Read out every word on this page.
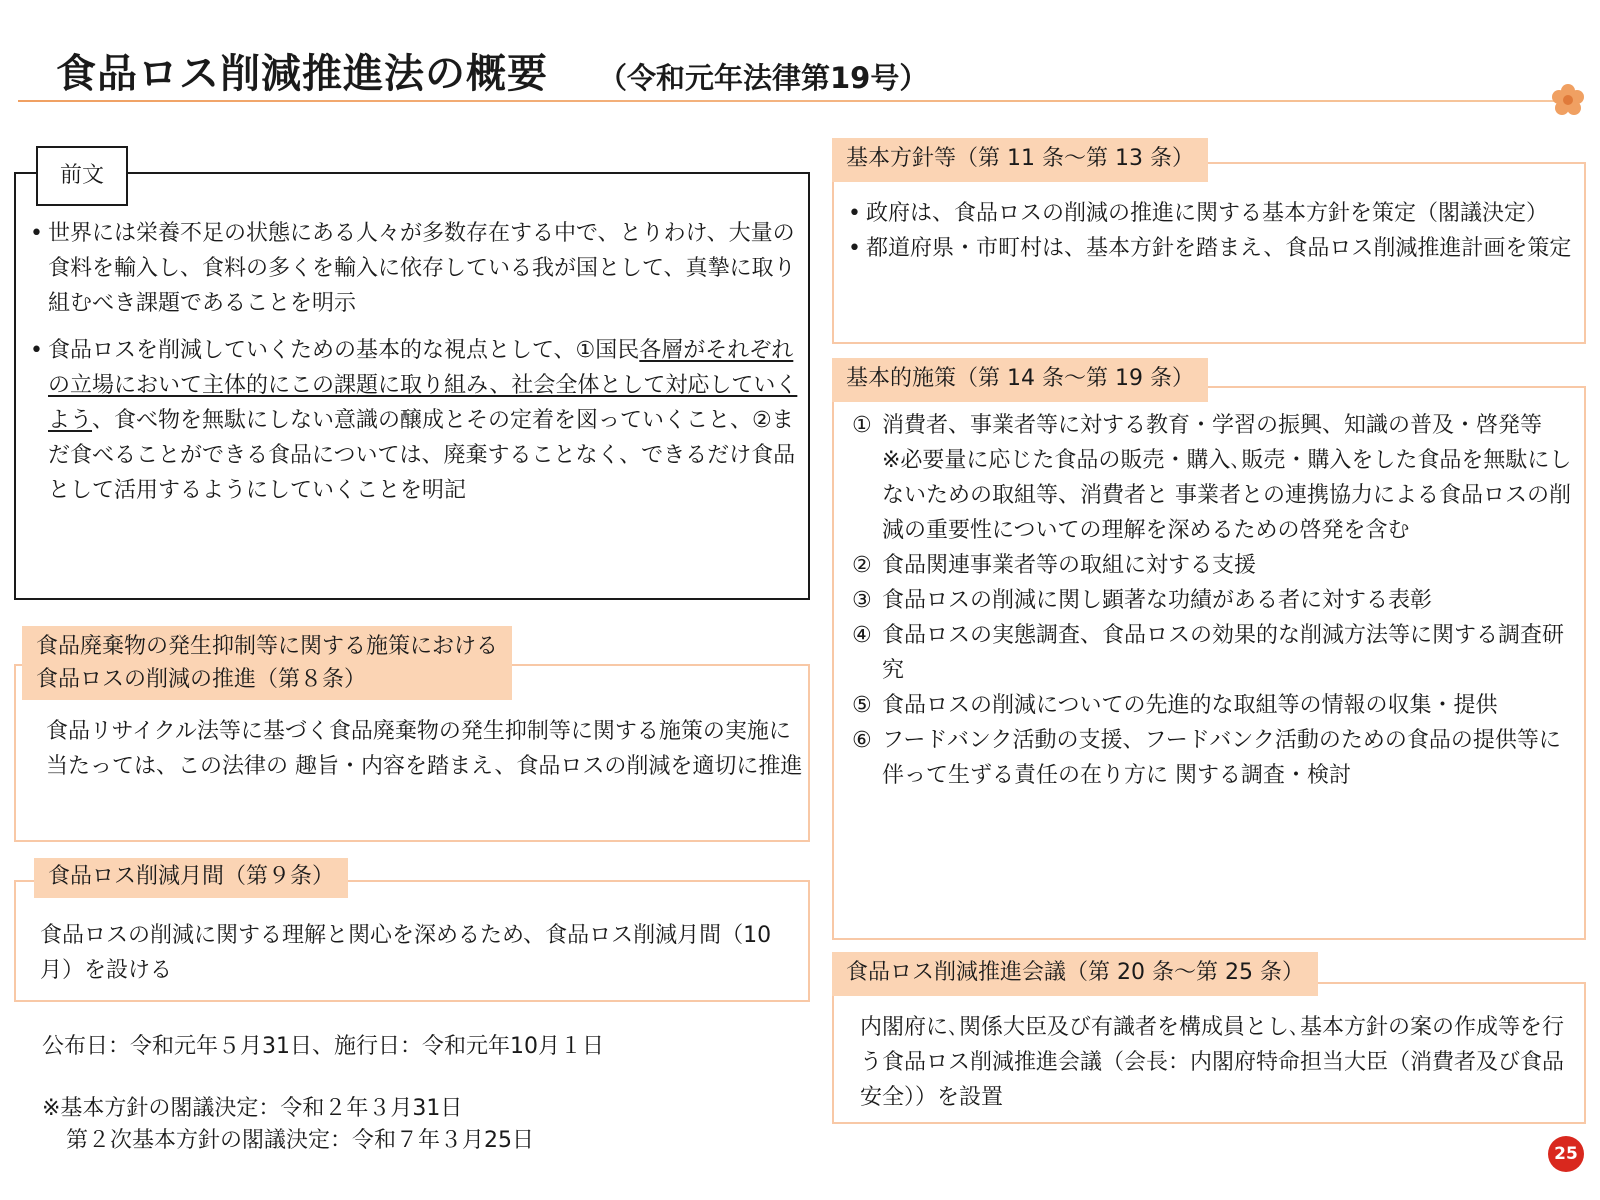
食品ロス削減推進法の概要 （令和元年法律第19号）
前文
• 世界には栄養不足の状態にある人々が多数存在する中で、とりわけ、大量の食料を輸入し、食料の多くを輸入に依存している我が国として、真摯に取り組むべき課題であることを明示
• 食品ロスを削減していくための基本的な視点として、①国民各層がそれぞれの立場において主体的にこの課題に取り組み、社会全体として対応していくよう、食べ物を無駄にしない意識の醸成とその定着を図っていくこと、②まだ食べることができる食品については、廃棄することなく、できるだけ食品として活用するようにしていくことを明記
食品廃棄物の発生抑制等に関する施策における
食品ロスの削減の推進（第８条）
食品リサイクル法等に基づく食品廃棄物の発生抑制等に関する施策の実施に当たっては、この法律の 趣旨・内容を踏まえ、食品ロスの削減を適切に推進
食品ロス削減月間（第９条）
食品ロスの削減に関する理解と関心を深めるため、食品ロス削減月間（10月）を設ける
公布日：令和元年５月31日、施行日：令和元年10月１日
※基本方針の閣議決定：令和２年３月31日
第２次基本方針の閣議決定：令和７年３月25日
基本方針等（第 11 条～第 13 条）
• 政府は、食品ロスの削減の推進に関する基本方針を策定（閣議決定）
• 都道府県・市町村は、基本方針を踏まえ、食品ロス削減推進計画を策定
基本的施策（第 14 条～第 19 条）
① 消費者、事業者等に対する教育・学習の振興、知識の普及・啓発等
※必要量に応じた食品の販売・購入､販売・購入をした食品を無駄にしないための取組等、消費者と 事業者との連携協力による食品ロスの削減の重要性についての理解を深めるための啓発を含む
② 食品関連事業者等の取組に対する支援
③ 食品ロスの削減に関し顕著な功績がある者に対する表彰
④ 食品ロスの実態調査、食品ロスの効果的な削減方法等に関する調査研究
⑤ 食品ロスの削減についての先進的な取組等の情報の収集・提供
⑥ フードバンク活動の支援、フードバンク活動のための食品の提供等に伴って生ずる責任の在り方に 関する調査・検討
食品ロス削減推進会議（第 20 条～第 25 条）
内閣府に､関係大臣及び有識者を構成員とし､基本方針の案の作成等を行う食品ロス削減推進会議（会長：内閣府特命担当大臣（消費者及び食品安全））を設置
25
